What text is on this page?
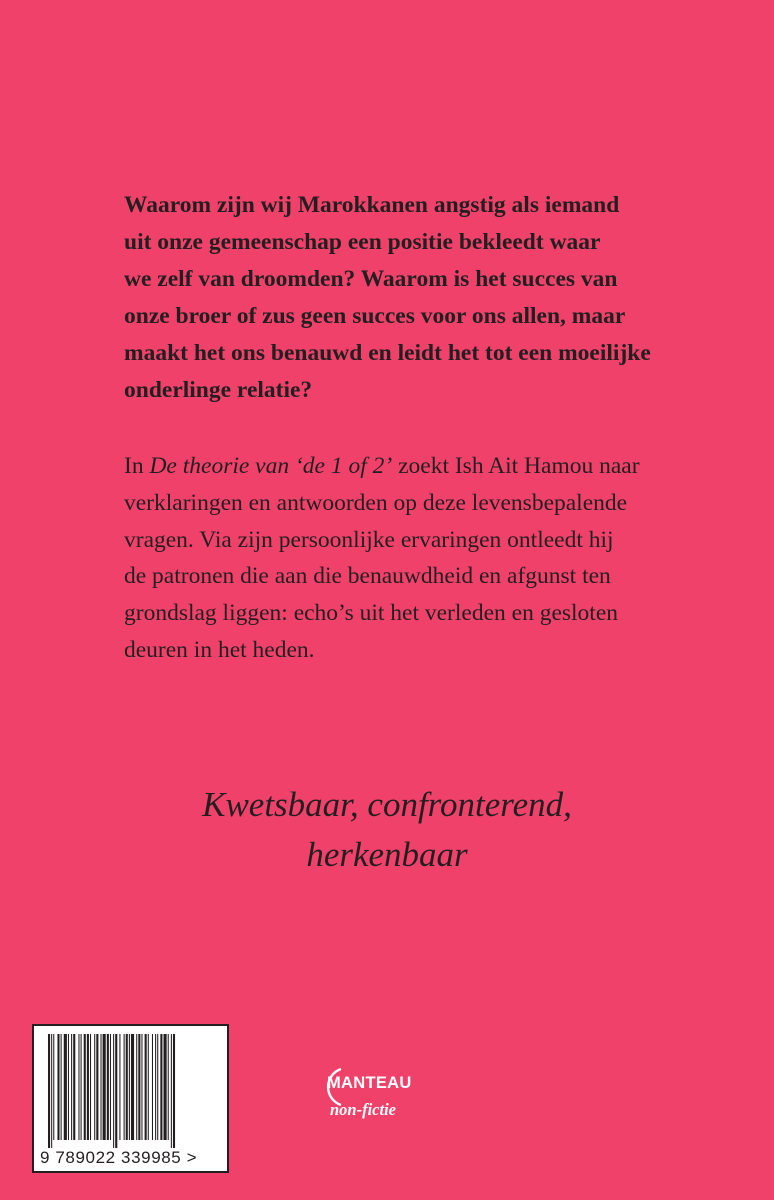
Waarom zijn wij Marokkanen angstig als iemand
uit onze gemeenschap een positie bekleedt waar
we zelf van droomden? Waarom is het succes van
onze broer of zus geen succes voor ons allen, maar
maakt het ons benauwd en leidt het tot een moeilijke
onderlinge relatie?

In De theorie van ‘de 1 of 2’ zoekt Ish Ait Hamou naar
verklaringen en antwoorden op deze levensbepalende
vragen. Via zijn persoonlijke ervaringen ontleedt hij
de patronen die aan die benauwdheid en afgunst ten
grondslag liggen: echo’s uit het verleden en gesloten
deuren in het heden.

Kwetsbaar, confronterend,
herkenbaar

9 789022 339985 >
MANTEAU
non-fictie
